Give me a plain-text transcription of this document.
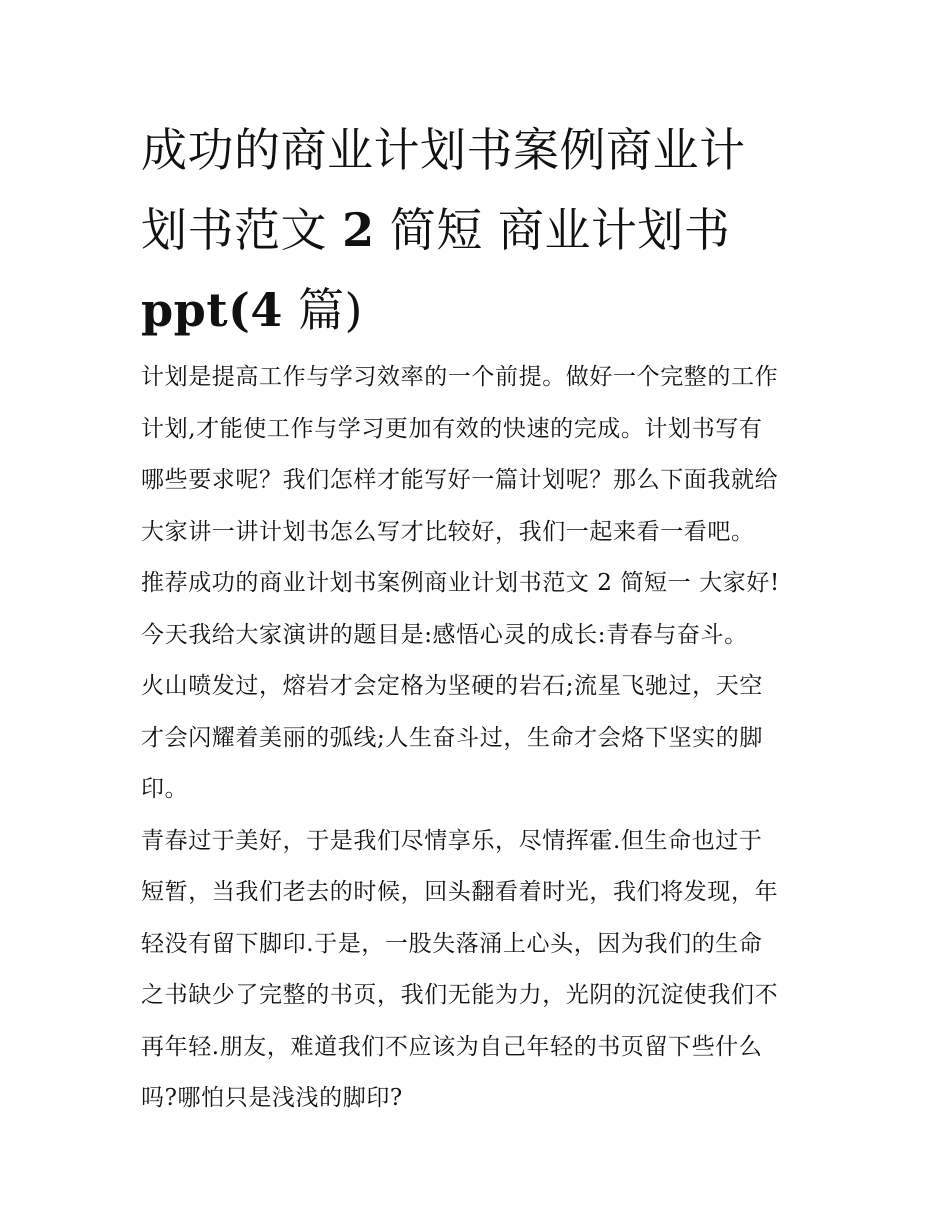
成功的商业计划书案例商业计
划书范文 2 简短 商业计划书
ppt(4 篇)
计划是提高工作与学习效率的一个前提。做好一个完整的工作
计划,才能使工作与学习更加有效的快速的完成。计划书写有
哪些要求呢？我们怎样才能写好一篇计划呢？那么下面我就给
大家讲一讲计划书怎么写才比较好，我们一起来看一看吧。
推荐成功的商业计划书案例商业计划书范文 2 简短一 大家好!
今天我给大家演讲的题目是:感悟心灵的成长:青春与奋斗。
火山喷发过，熔岩才会定格为坚硬的岩石;流星飞驰过，天空
才会闪耀着美丽的弧线;人生奋斗过，生命才会烙下坚实的脚
印。
青春过于美好，于是我们尽情享乐，尽情挥霍.但生命也过于
短暂，当我们老去的时候，回头翻看着时光，我们将发现，年
轻没有留下脚印.于是，一股失落涌上心头，因为我们的生命
之书缺少了完整的书页，我们无能为力，光阴的沉淀使我们不
再年轻.朋友，难道我们不应该为自己年轻的书页留下些什么
吗?哪怕只是浅浅的脚印?
